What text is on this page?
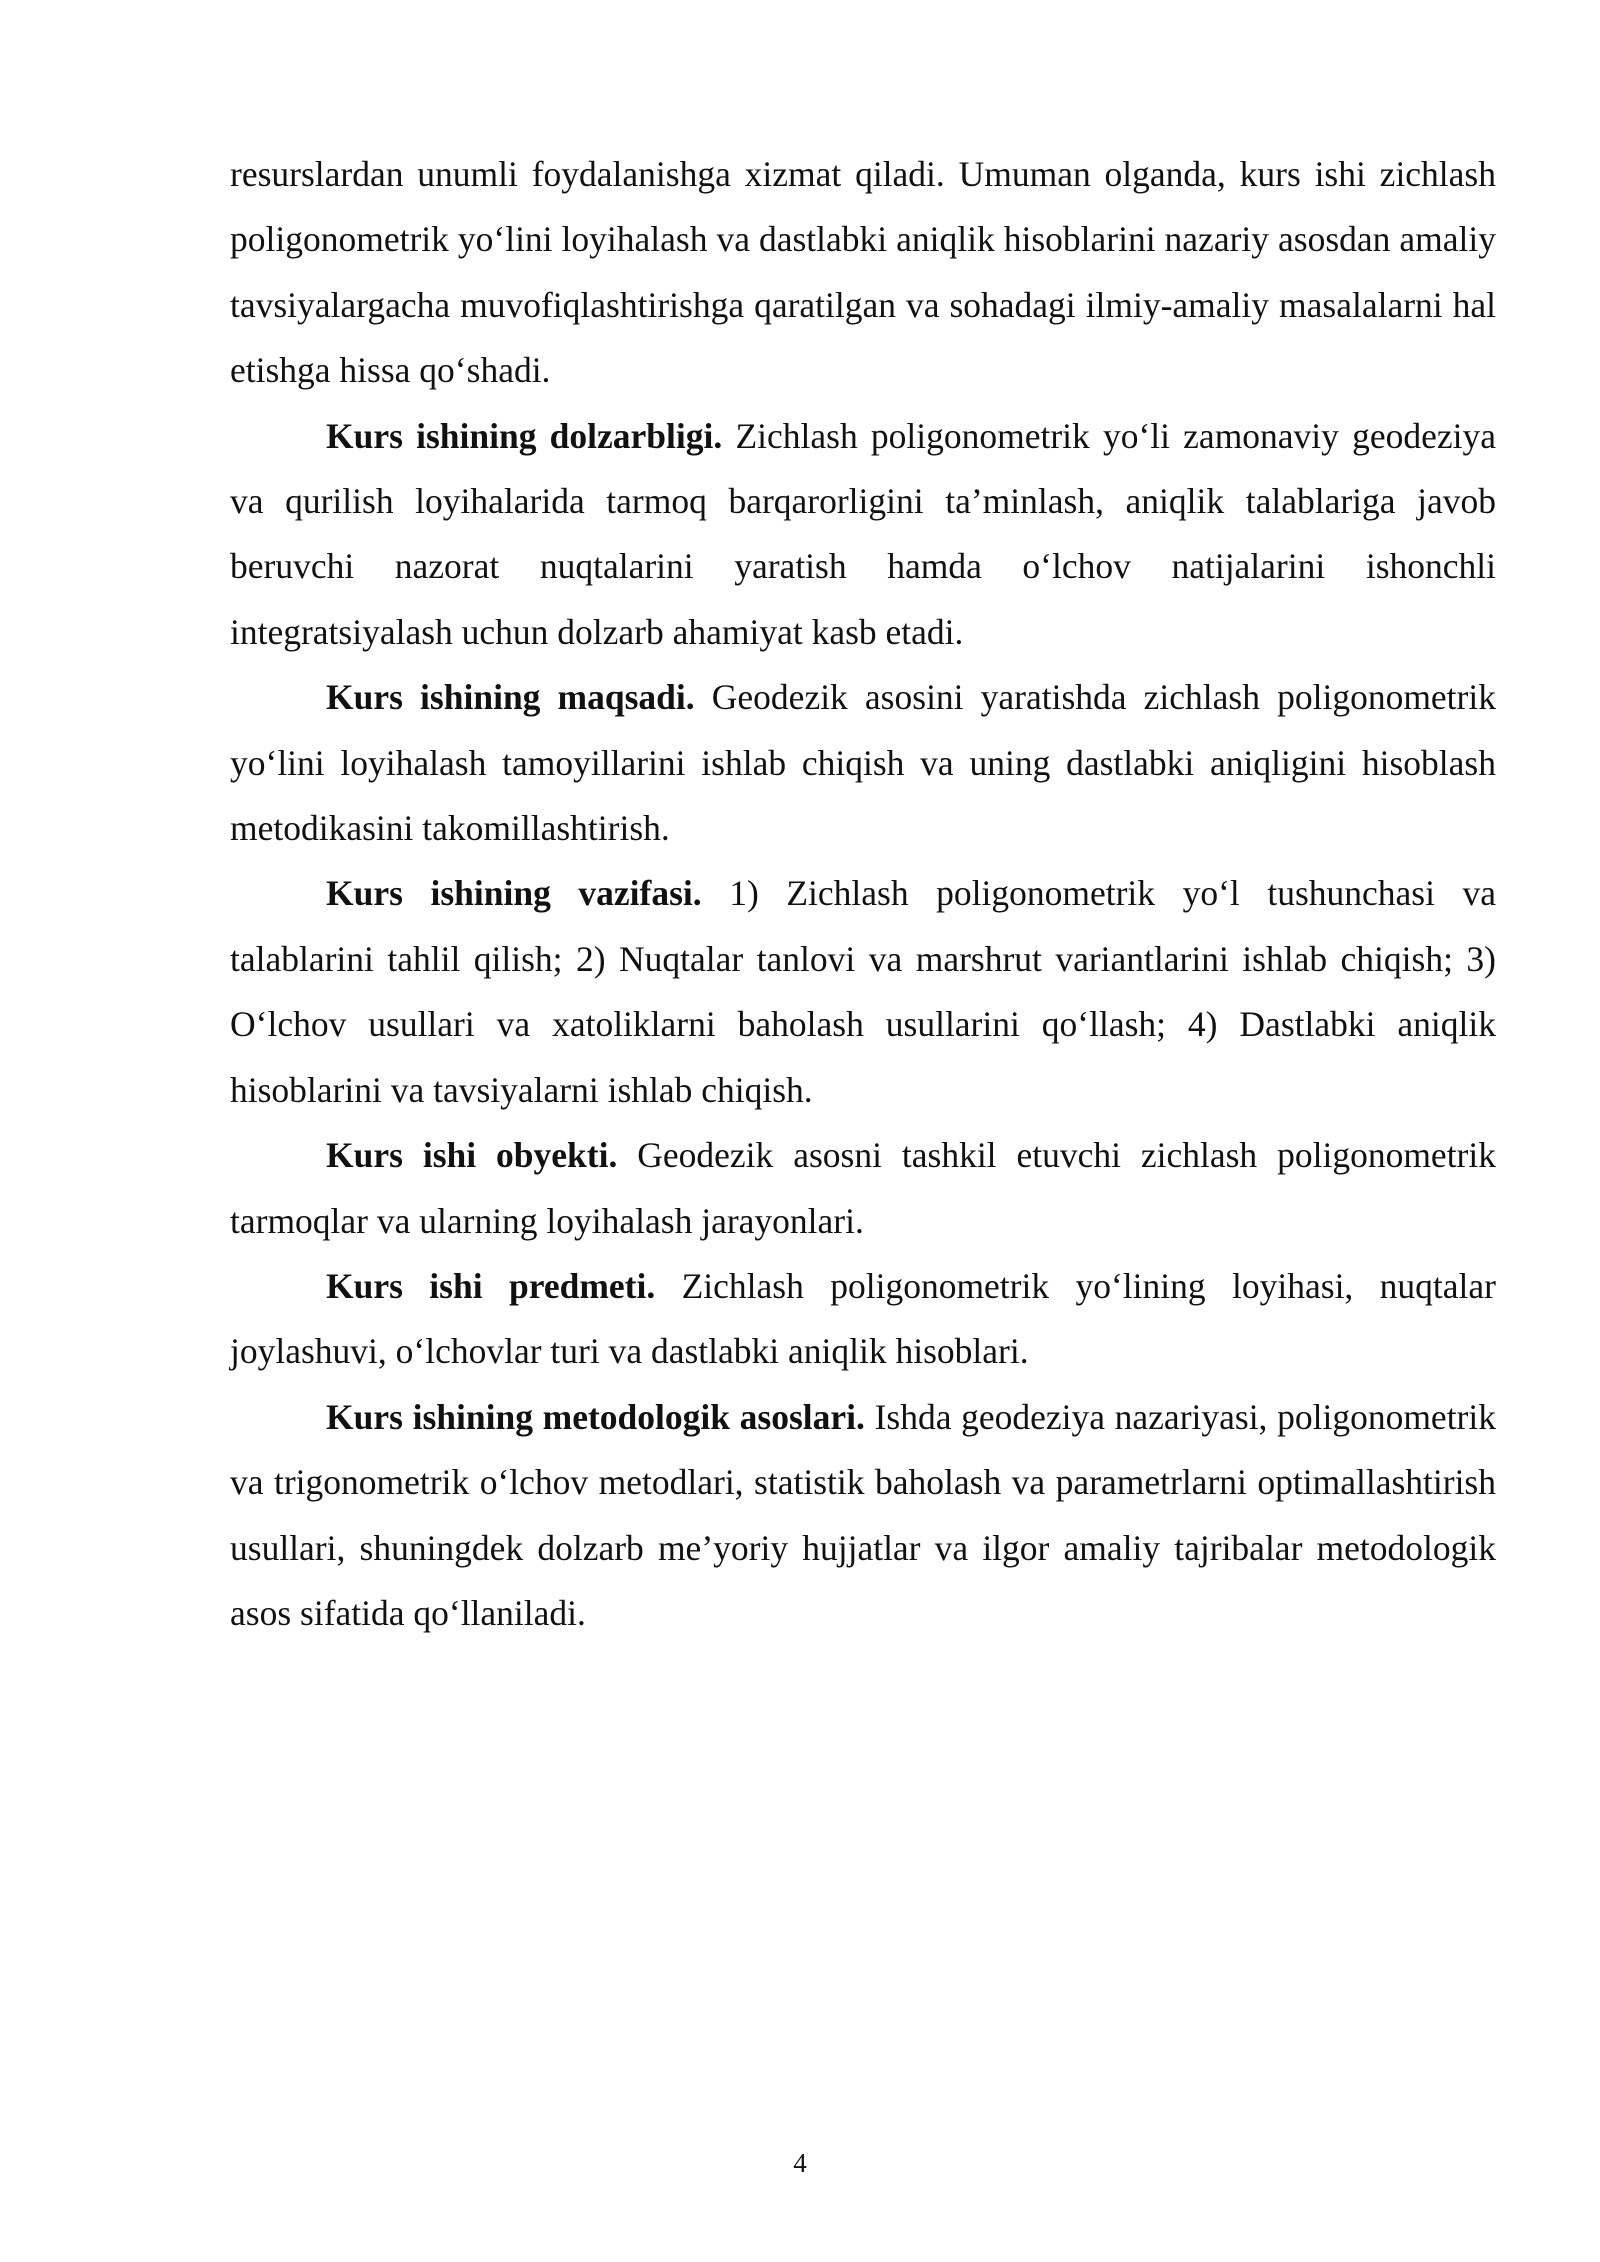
resurslardan unumli foydalanishga xizmat qiladi. Umuman olganda, kurs ishi zichlash poligonometrik yo‘lini loyihalash va dastlabki aniqlik hisoblarini nazariy asosdan amaliy tavsiyalargacha muvofiqlashtirishga qaratilgan va sohadagi ilmiy-amaliy masalalarni hal etishga hissa qo‘shadi.

Kurs ishining dolzarbligi. Zichlash poligonometrik yo‘li zamonaviy geodeziya va qurilish loyihalarida tarmoq barqarorligini ta’minlash, aniqlik talablariga javob beruvchi nazorat nuqtalarini yaratish hamda o‘lchov natijalarini ishonchli integratsiyalash uchun dolzarb ahamiyat kasb etadi.

Kurs ishining maqsadi. Geodezik asosini yaratishda zichlash poligonometrik yo‘lini loyihalash tamoyillarini ishlab chiqish va uning dastlabki aniqligini hisoblash metodikasini takomillashtirish.

Kurs ishining vazifasi. 1) Zichlash poligonometrik yo‘l tushunchasi va talablarini tahlil qilish; 2) Nuqtalar tanlovi va marshrut variantlarini ishlab chiqish; 3) O‘lchov usullari va xatoliklarni baholash usullarini qo‘llash; 4) Dastlabki aniqlik hisoblarini va tavsiyalarni ishlab chiqish.

Kurs ishi obyekti. Geodezik asosni tashkil etuvchi zichlash poligonometrik tarmoqlar va ularning loyihalash jarayonlari.

Kurs ishi predmeti. Zichlash poligonometrik yo‘lining loyihasi, nuqtalar joylashuvi, o‘lchovlar turi va dastlabki aniqlik hisoblari.

Kurs ishining metodologik asoslari. Ishda geodeziya nazariyasi, poligonometrik va trigonometrik o‘lchov metodlari, statistik baholash va parametrlarni optimallashtirish usullari, shuningdek dolzarb me’yoriy hujjatlar va ilgor amaliy tajribalar metodologik asos sifatida qo‘llaniladi.

4
